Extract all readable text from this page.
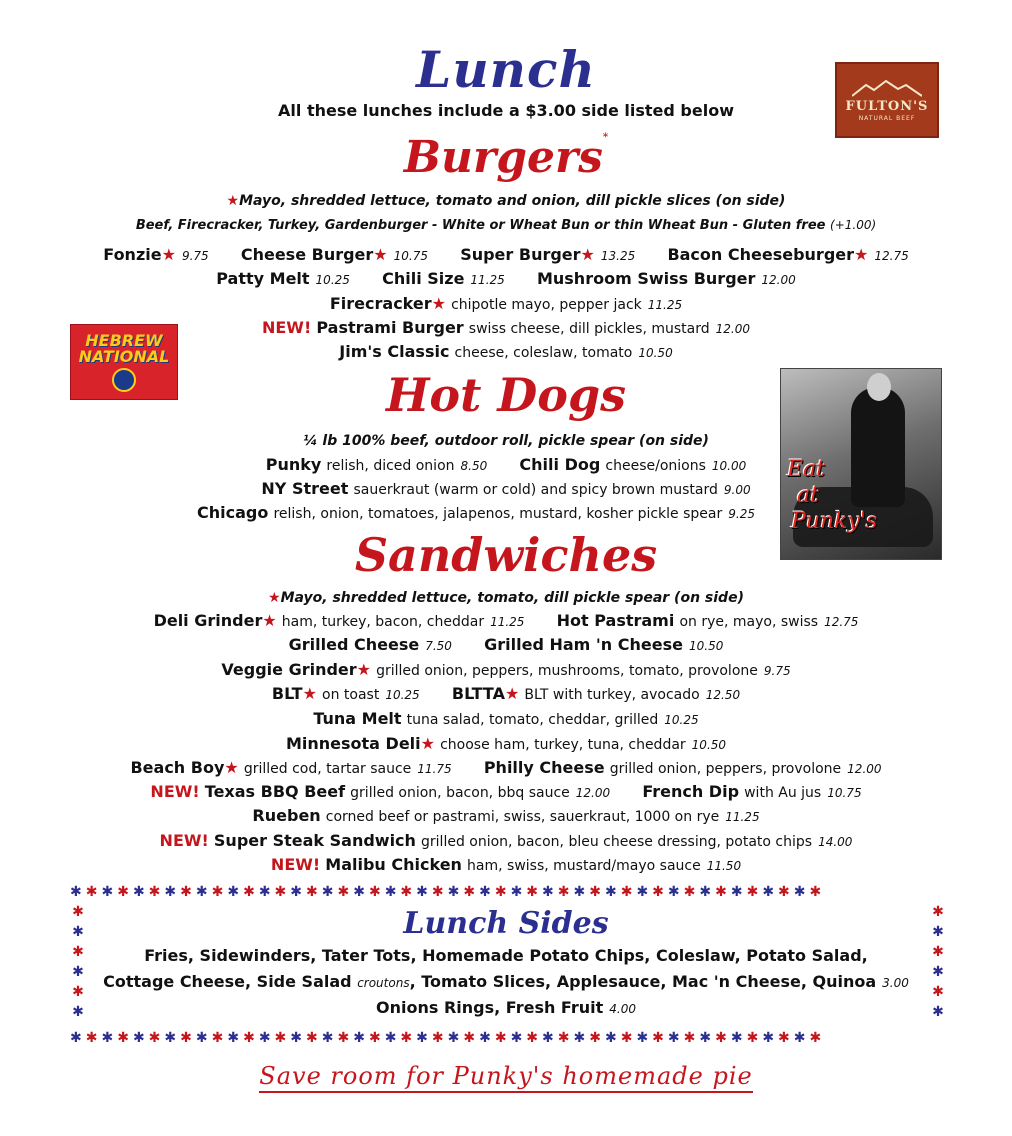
Lunch
All these lunches include a $3.00 side listed below	FULTON'S
NATURAL BEEF
Burgers*
★Mayo, shredded lettuce, tomato and onion, dill pickle slices (on side)
Beef, Firecracker, Turkey, Gardenburger - White or Wheat Bun or thin Wheat Bun - Gluten free (+1.00)
Fonzie★ 9.75 Cheese Burger★ 10.75 Super Burger★ 13.25 Bacon Cheeseburger★ 12.75
Patty Melt 10.25 Chili Size 11.25 Mushroom Swiss Burger 12.00
Firecracker★ chipotle mayo, pepper jack 11.25
NEW! Pastrami Burger swiss cheese, dill pickles, mustard 12.00
Jim's Classic cheese, coleslaw, tomato 10.50
HEBREW
NATIONAL
Hot Dogs
¼ lb 100% beef, outdoor roll, pickle spear (on side)
Punky relish, diced onion 8.50 Chili Dog cheese/onions 10.00
NY Street sauerkraut (warm or cold) and spicy brown mustard 9.00
Chicago relish, onion, tomatoes, jalapenos, mustard, kosher pickle spear 9.25
Eat
at
Punky's
Sandwiches
★Mayo, shredded lettuce, tomato, dill pickle spear (on side)
Deli Grinder★ ham, turkey, bacon, cheddar 11.25 Hot Pastrami on rye, mayo, swiss 12.75
Grilled Cheese 7.50 Grilled Ham 'n Cheese 10.50
Veggie Grinder★ grilled onion, peppers, mushrooms, tomato, provolone 9.75
BLT★ on toast 10.25 BLTTA★ BLT with turkey, avocado 12.50
Tuna Melt tuna salad, tomato, cheddar, grilled 10.25
Minnesota Deli★ choose ham, turkey, tuna, cheddar 10.50
Beach Boy★ grilled cod, tartar sauce 11.75 Philly Cheese grilled onion, peppers, provolone 12.00
NEW! Texas BBQ Beef grilled onion, bacon, bbq sauce 12.00 French Dip with Au jus 10.75
Rueben corned beef or pastrami, swiss, sauerkraut, 1000 on rye 11.25
NEW! Super Steak Sandwich grilled onion, bacon, bleu cheese dressing, potato chips 14.00
NEW! Malibu Chicken ham, swiss, mustard/mayo sauce 11.50
✱✱✱✱✱✱✱✱✱✱✱✱✱✱✱✱✱✱✱✱✱✱✱✱✱✱✱✱✱✱✱✱✱✱✱✱✱✱✱✱✱✱✱✱✱✱✱✱
✱✱✱✱✱✱✱✱✱✱✱✱✱✱✱✱✱✱✱✱✱✱✱✱✱✱✱✱✱✱✱✱✱✱✱✱✱✱✱✱✱✱✱✱✱✱✱✱
✱
✱
✱
✱
✱
✱
✱
✱
✱
✱
✱
✱
Lunch Sides
Fries, Sidewinders, Tater Tots, Homemade Potato Chips, Coleslaw, Potato Salad,
Cottage Cheese, Side Salad croutons, Tomato Slices, Applesauce, Mac 'n Cheese, Quinoa 3.00
Onions Rings, Fresh Fruit 4.00
Save room for Punky's homemade pie
